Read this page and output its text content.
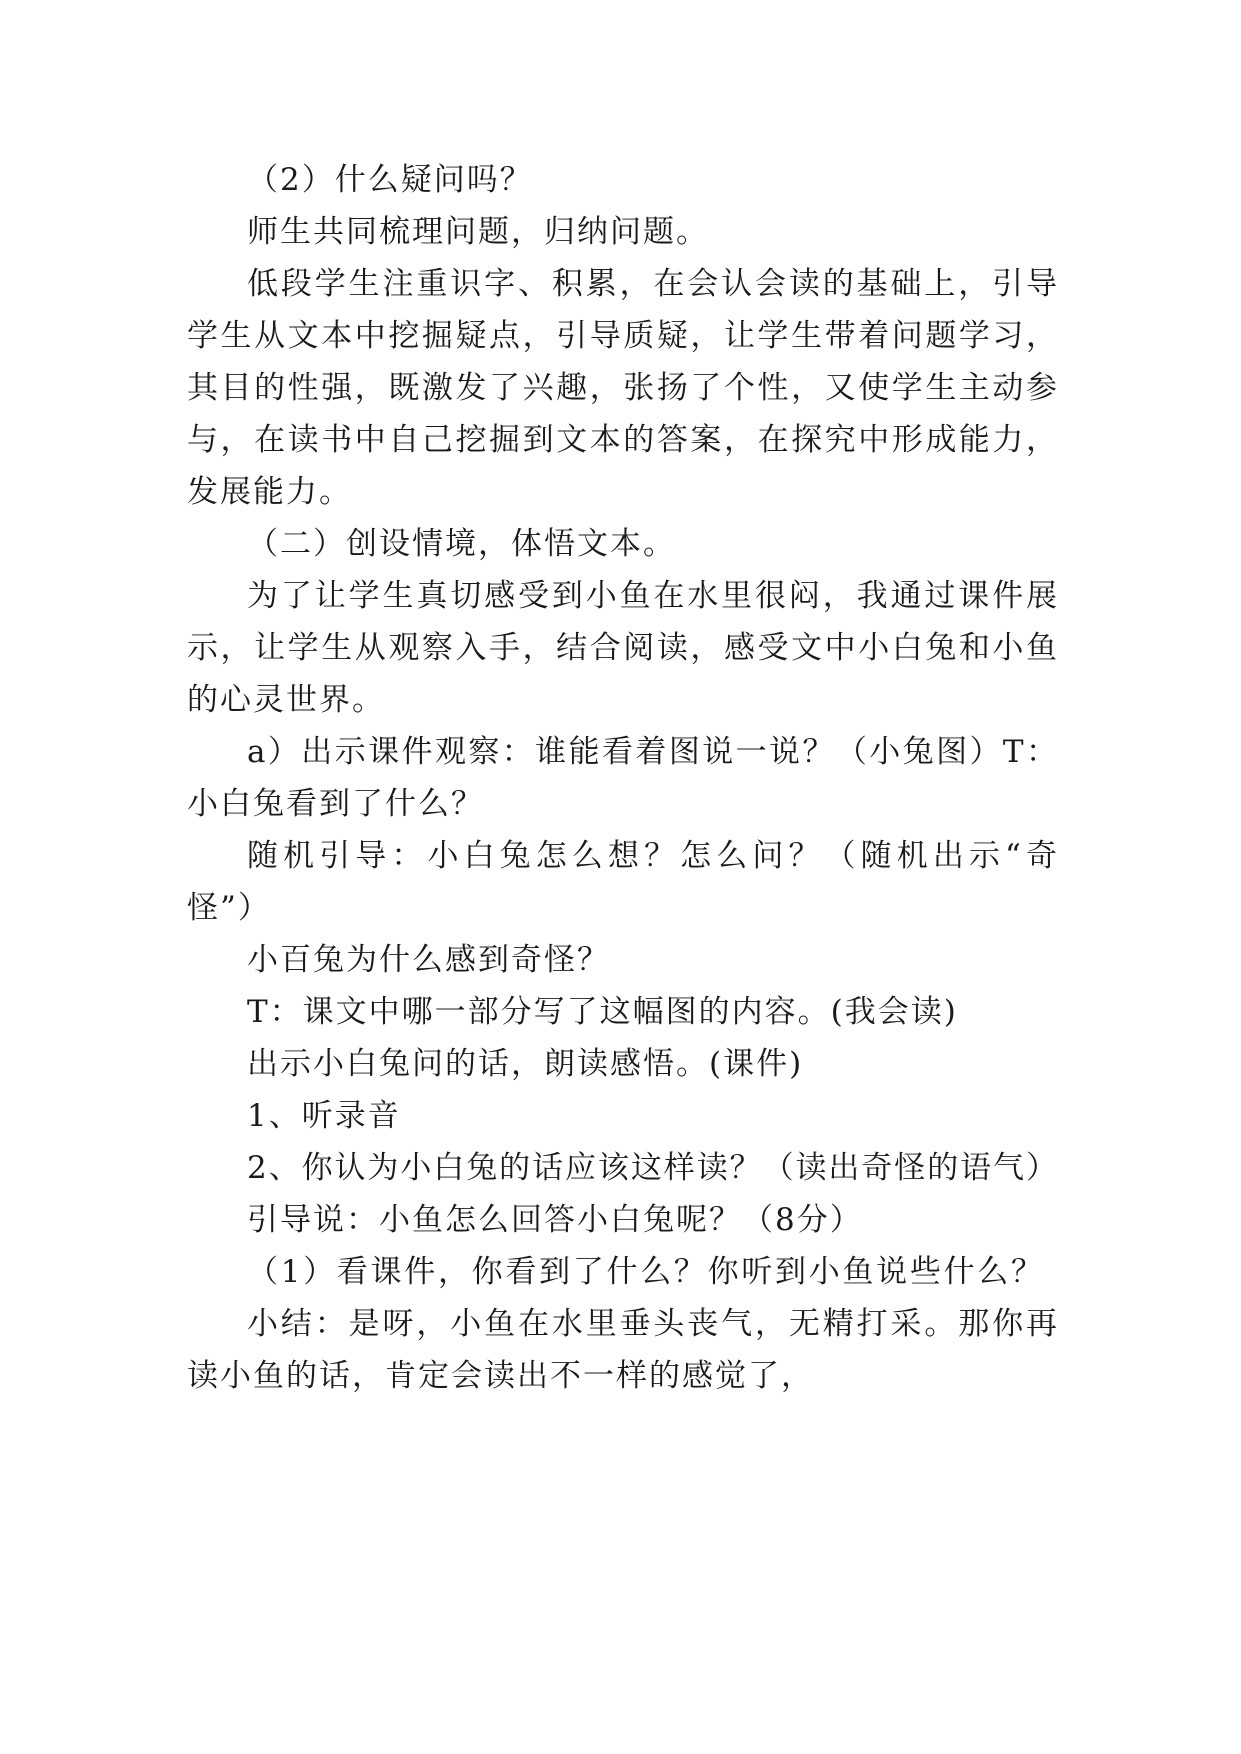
（2）什么疑问吗？
师生共同梳理问题，归纳问题。
低段学生注重识字、积累，在会认会读的基础上，引导
学生从文本中挖掘疑点，引导质疑，让学生带着问题学习，
其目的性强，既激发了兴趣，张扬了个性，又使学生主动参
与，在读书中自己挖掘到文本的答案，在探究中形成能力，
发展能力。
（二）创设情境，体悟文本。
为了让学生真切感受到小鱼在水里很闷，我通过课件展
示，让学生从观察入手，结合阅读，感受文中小白兔和小鱼
的心灵世界。
a）出示课件观察：谁能看着图说一说？（小兔图）T：
小白兔看到了什么？
随机引导：小白兔怎么想？怎么问？（随机出示“奇
怪”）
小百兔为什么感到奇怪？
T：课文中哪一部分写了这幅图的内容。(我会读)
出示小白兔问的话，朗读感悟。(课件)
1、听录音
2、你认为小白兔的话应该这样读？（读出奇怪的语气）
引导说：小鱼怎么回答小白兔呢？（8分）
（1）看课件，你看到了什么？你听到小鱼说些什么？
小结：是呀，小鱼在水里垂头丧气，无精打采。那你再
读小鱼的话，肯定会读出不一样的感觉了，
